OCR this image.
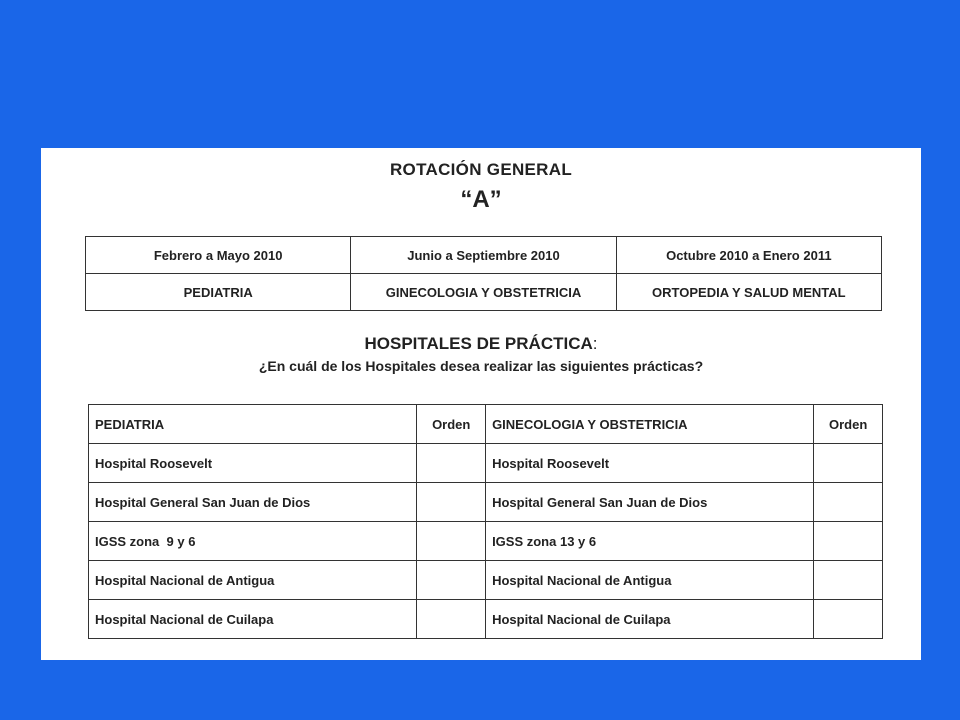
ROTACIÓN GENERAL
“A”
Febrero a Mayo 2010	Junio a Septiembre 2010	Octubre 2010 a Enero 2011
PEDIATRIA	GINECOLOGIA Y OBSTETRICIA	ORTOPEDIA Y SALUD MENTAL
HOSPITALES DE PRÁCTICA:
¿En cuál de los Hospitales desea realizar las siguientes prácticas?
PEDIATRIA	Orden	GINECOLOGIA Y OBSTETRICIA	Orden
Hospital Roosevelt		Hospital Roosevelt	
Hospital General San Juan de Dios		Hospital General San Juan de Dios	
IGSS zona  9 y 6		IGSS zona 13 y 6	
Hospital Nacional de Antigua		Hospital Nacional de Antigua	
Hospital Nacional de Cuilapa		Hospital Nacional de Cuilapa	
